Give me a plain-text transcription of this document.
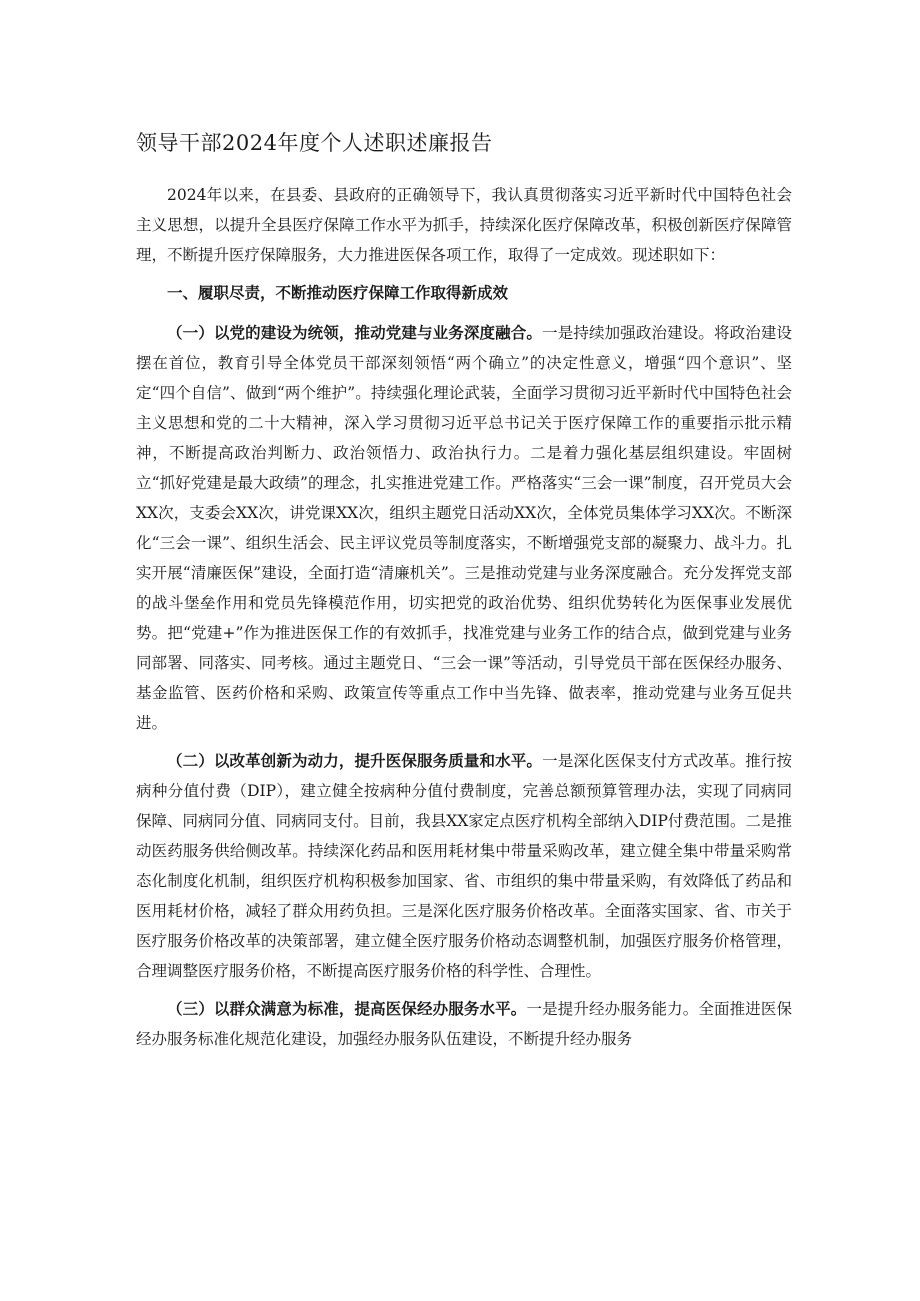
领导干部2024年度个人述职述廉报告

2024年以来，在县委、县政府的正确领导下，我认真贯彻落实习近平新时代中国特色社会主义思想，以提升全县医疗保障工作水平为抓手，持续深化医疗保障改革，积极创新医疗保障管理，不断提升医疗保障服务，大力推进医保各项工作，取得了一定成效。现述职如下：

一、履职尽责，不断推动医疗保障工作取得新成效

（一）以党的建设为统领，推动党建与业务深度融合。一是持续加强政治建设。将政治建设摆在首位，教育引导全体党员干部深刻领悟“两个确立”的决定性意义，增强“四个意识”、坚定“四个自信”、做到“两个维护”。持续强化理论武装，全面学习贯彻习近平新时代中国特色社会主义思想和党的二十大精神，深入学习贯彻习近平总书记关于医疗保障工作的重要指示批示精神，不断提高政治判断力、政治领悟力、政治执行力。二是着力强化基层组织建设。牢固树立“抓好党建是最大政绩”的理念，扎实推进党建工作。严格落实“三会一课”制度，召开党员大会XX次，支委会XX次，讲党课XX次，组织主题党日活动XX次，全体党员集体学习XX次。不断深化“三会一课”、组织生活会、民主评议党员等制度落实，不断增强党支部的凝聚力、战斗力。扎实开展“清廉医保”建设，全面打造“清廉机关”。三是推动党建与业务深度融合。充分发挥党支部的战斗堡垒作用和党员先锋模范作用，切实把党的政治优势、组织优势转化为医保事业发展优势。把“党建+”作为推进医保工作的有效抓手，找准党建与业务工作的结合点，做到党建与业务同部署、同落实、同考核。通过主题党日、“三会一课”等活动，引导党员干部在医保经办服务、基金监管、医药价格和采购、政策宣传等重点工作中当先锋、做表率，推动党建与业务互促共进。

（二）以改革创新为动力，提升医保服务质量和水平。一是深化医保支付方式改革。推行按病种分值付费（DIP），建立健全按病种分值付费制度，完善总额预算管理办法，实现了同病同保障、同病同分值、同病同支付。目前，我县XX家定点医疗机构全部纳入DIP付费范围。二是推动医药服务供给侧改革。持续深化药品和医用耗材集中带量采购改革，建立健全集中带量采购常态化制度化机制，组织医疗机构积极参加国家、省、市组织的集中带量采购，有效降低了药品和医用耗材价格，减轻了群众用药负担。三是深化医疗服务价格改革。全面落实国家、省、市关于医疗服务价格改革的决策部署，建立健全医疗服务价格动态调整机制，加强医疗服务价格管理，合理调整医疗服务价格，不断提高医疗服务价格的科学性、合理性。

（三）以群众满意为标准，提高医保经办服务水平。一是提升经办服务能力。全面推进医保经办服务标准化规范化建设，加强经办服务队伍建设，不断提升经办服务
